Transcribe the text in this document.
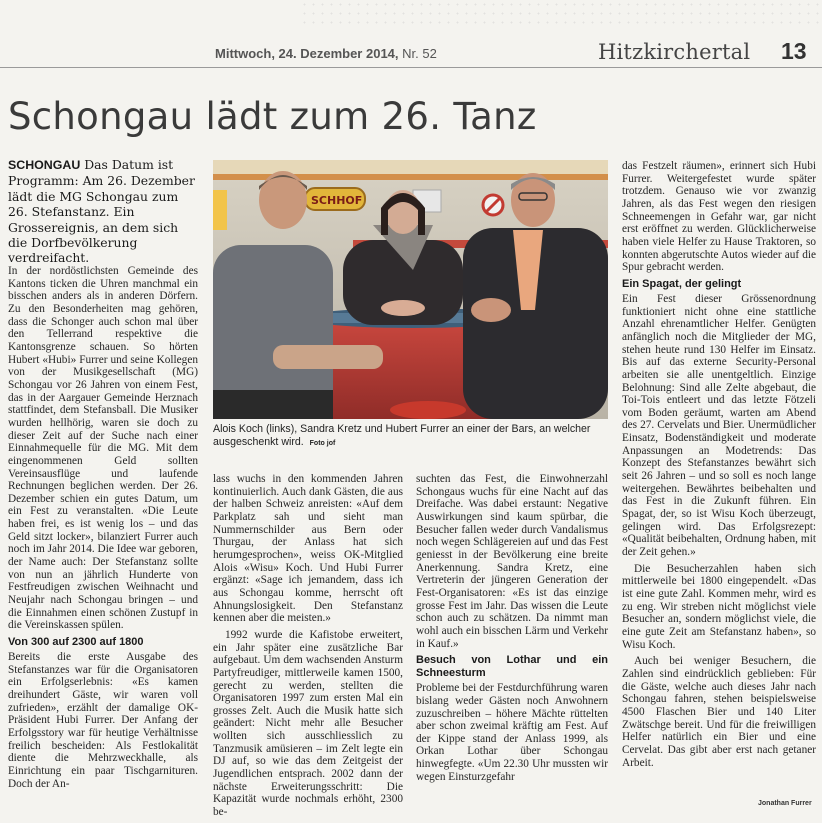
Mittwoch, 24. Dezember 2014, Nr. 52	Hitzkirchertal 13
Schongau lädt zum 26. Tanz
SCHONGAU Das Datum ist Programm: Am 26. Dezember lädt die MG Schongau zum 26. Stefanstanz. Ein Grossereignis, an dem sich die Dorfbevölkerung verdreifacht.

In der nordöstlichsten Gemeinde des Kantons ticken die Uhren manchmal ein bisschen anders als in anderen Dörfern. Zu den Besonderheiten mag gehören, dass die Schonger auch schon mal über den Tellerrand respektive die Kantonsgrenze schauen. So hörten Hubert «Hubi» Furrer und seine Kollegen von der Musikgesellschaft (MG) Schongau vor 26 Jahren von einem Fest, das in der Aargauer Gemeinde Herznach stattfindet, dem Stefansball. Die Musiker wurden hellhörig, waren sie doch zu dieser Zeit auf der Suche nach einer Einnahmequelle für die MG. Mit dem eingenommenen Geld sollten Vereinsausflüge und laufende Rechnungen beglichen werden. Der 26. Dezember schien ein gutes Datum, um ein Fest zu veranstalten. «Die Leute haben frei, es ist wenig los – und das Geld sitzt locker», bilanziert Furrer auch noch im Jahr 2014. Die Idee war geboren, der Name auch: Der Stefanstanz sollte von nun an jährlich Hunderte von Festfreudigen zwischen Weihnacht und Neujahr nach Schongau bringen – und die Einnahmen einen schönen Zustupf in die Vereinskassen spülen.

Von 300 auf 2300 auf 1800

Bereits die erste Ausgabe des Stefanstanzes war für die Organisatoren ein Erfolgserlebnis: «Es kamen dreihundert Gäste, wir waren voll zufrieden», erzählt der damalige OK-Präsident Hubi Furrer. Der Anfang der Erfolgsstory war für heutige Verhältnisse freilich bescheiden: Als Festlokalität diente die Mehrzweckhalle, als Einrichtung ein paar Tischgarnituren. Doch der An-

SCHHOF
Alois Koch (links), Sandra Kretz und Hubert Furrer an einer der Bars, an welcher ausgeschenkt wird. Foto jof

lass wuchs in den kommenden Jahren kontinuierlich. Auch dank Gästen, die aus der halben Schweiz anreisten: «Auf dem Parkplatz sah und sieht man Nummernschilder aus Bern oder Thurgau, der Anlass hat sich herumgesprochen», weiss OK-Mitglied Alois «Wisu» Koch. Und Hubi Furrer ergänzt: «Sage ich jemandem, dass ich aus Schongau komme, herrscht oft Ahnungslosigkeit. Den Stefanstanz kennen aber die meisten.»

1992 wurde die Kafistobe erweitert, ein Jahr später eine zusätzliche Bar aufgebaut. Um dem wachsenden Ansturm Partyfreudiger, mittlerweile kamen 1500, gerecht zu werden, stellten die Organisatoren 1997 zum ersten Mal ein grosses Zelt. Auch die Musik hatte sich geändert: Nicht mehr alle Besucher wollten sich ausschliesslich zu Tanzmusik amüsieren – im Zelt legte ein DJ auf, so wie das dem Zeitgeist der Jugendlichen entsprach. 2002 dann der nächste Erweiterungsschritt: Die Kapazität wurde nochmals erhöht, 2300 be-

suchten das Fest, die Einwohnerzahl Schongaus wuchs für eine Nacht auf das Dreifache. Was dabei erstaunt: Negative Auswirkungen sind kaum spürbar, die Besucher fallen weder durch Vandalismus noch wegen Schlägereien auf und das Fest geniesst in der Bevölkerung eine breite Anerkennung. Sandra Kretz, eine Vertreterin der jüngeren Generation der Fest-Organisatoren: «Es ist das einzige grosse Fest im Jahr. Das wissen die Leute schon auch zu schätzen. Da nimmt man wohl auch ein bisschen Lärm und Verkehr in Kauf.»

Besuch von Lothar und ein Schneesturm

Probleme bei der Festdurchführung waren bislang weder Gästen noch Anwohnern zuzuschreiben – höhere Mächte rüttelten aber schon zweimal kräftig am Fest. Auf der Kippe stand der Anlass 1999, als Orkan Lothar über Schongau hinwegfegte. «Um 22.30 Uhr mussten wir wegen Einsturzgefahr

das Festzelt räumen», erinnert sich Hubi Furrer. Weitergefestet wurde später trotzdem. Genauso wie vor zwanzig Jahren, als das Fest wegen den riesigen Schneemengen in Gefahr war, gar nicht erst eröffnet zu werden. Glücklicherweise haben viele Helfer zu Hause Traktoren, so konnten abgerutschte Autos wieder auf die Spur gebracht werden.

Ein Spagat, der gelingt

Ein Fest dieser Grössenordnung funktioniert nicht ohne eine stattliche Anzahl ehrenamtlicher Helfer. Genügten anfänglich noch die Mitglieder der MG, stehen heute rund 130 Helfer im Einsatz. Bis auf das externe Security-Personal arbeiten sie alle unentgeltlich. Einzige Belohnung: Sind alle Zelte abgebaut, die Toi-Tois entleert und das letzte Fötzeli vom Boden geräumt, warten am Abend des 27. Cervelats und Bier. Unermüdlicher Einsatz, Bodenständigkeit und moderate Anpassungen an Modetrends: Das Konzept des Stefanstanzes bewährt sich seit 26 Jahren – und so soll es noch lange weitergehen. Bewährtes beibehalten und das Fest in die Zukunft führen. Ein Spagat, der, so ist Wisu Koch überzeugt, gelingen wird. Das Erfolgsrezept: «Qualität beibehalten, Ordnung haben, mit der Zeit gehen.»

Die Besucherzahlen haben sich mittlerweile bei 1800 eingependelt. «Das ist eine gute Zahl. Kommen mehr, wird es zu eng. Wir streben nicht möglichst viele Besucher an, sondern möglichst viele, die eine gute Zeit am Stefanstanz haben», so Wisu Koch.

Auch bei weniger Besuchern, die Zahlen sind eindrücklich geblieben: Für die Gäste, welche auch dieses Jahr nach Schongau fahren, stehen beispielsweise 4500 Flaschen Bier und 140 Liter Zwätschge bereit. Und für die freiwilligen Helfer natürlich ein Bier und eine Cervelat. Das gibt aber erst nach getaner Arbeit.

Jonathan Furrer
